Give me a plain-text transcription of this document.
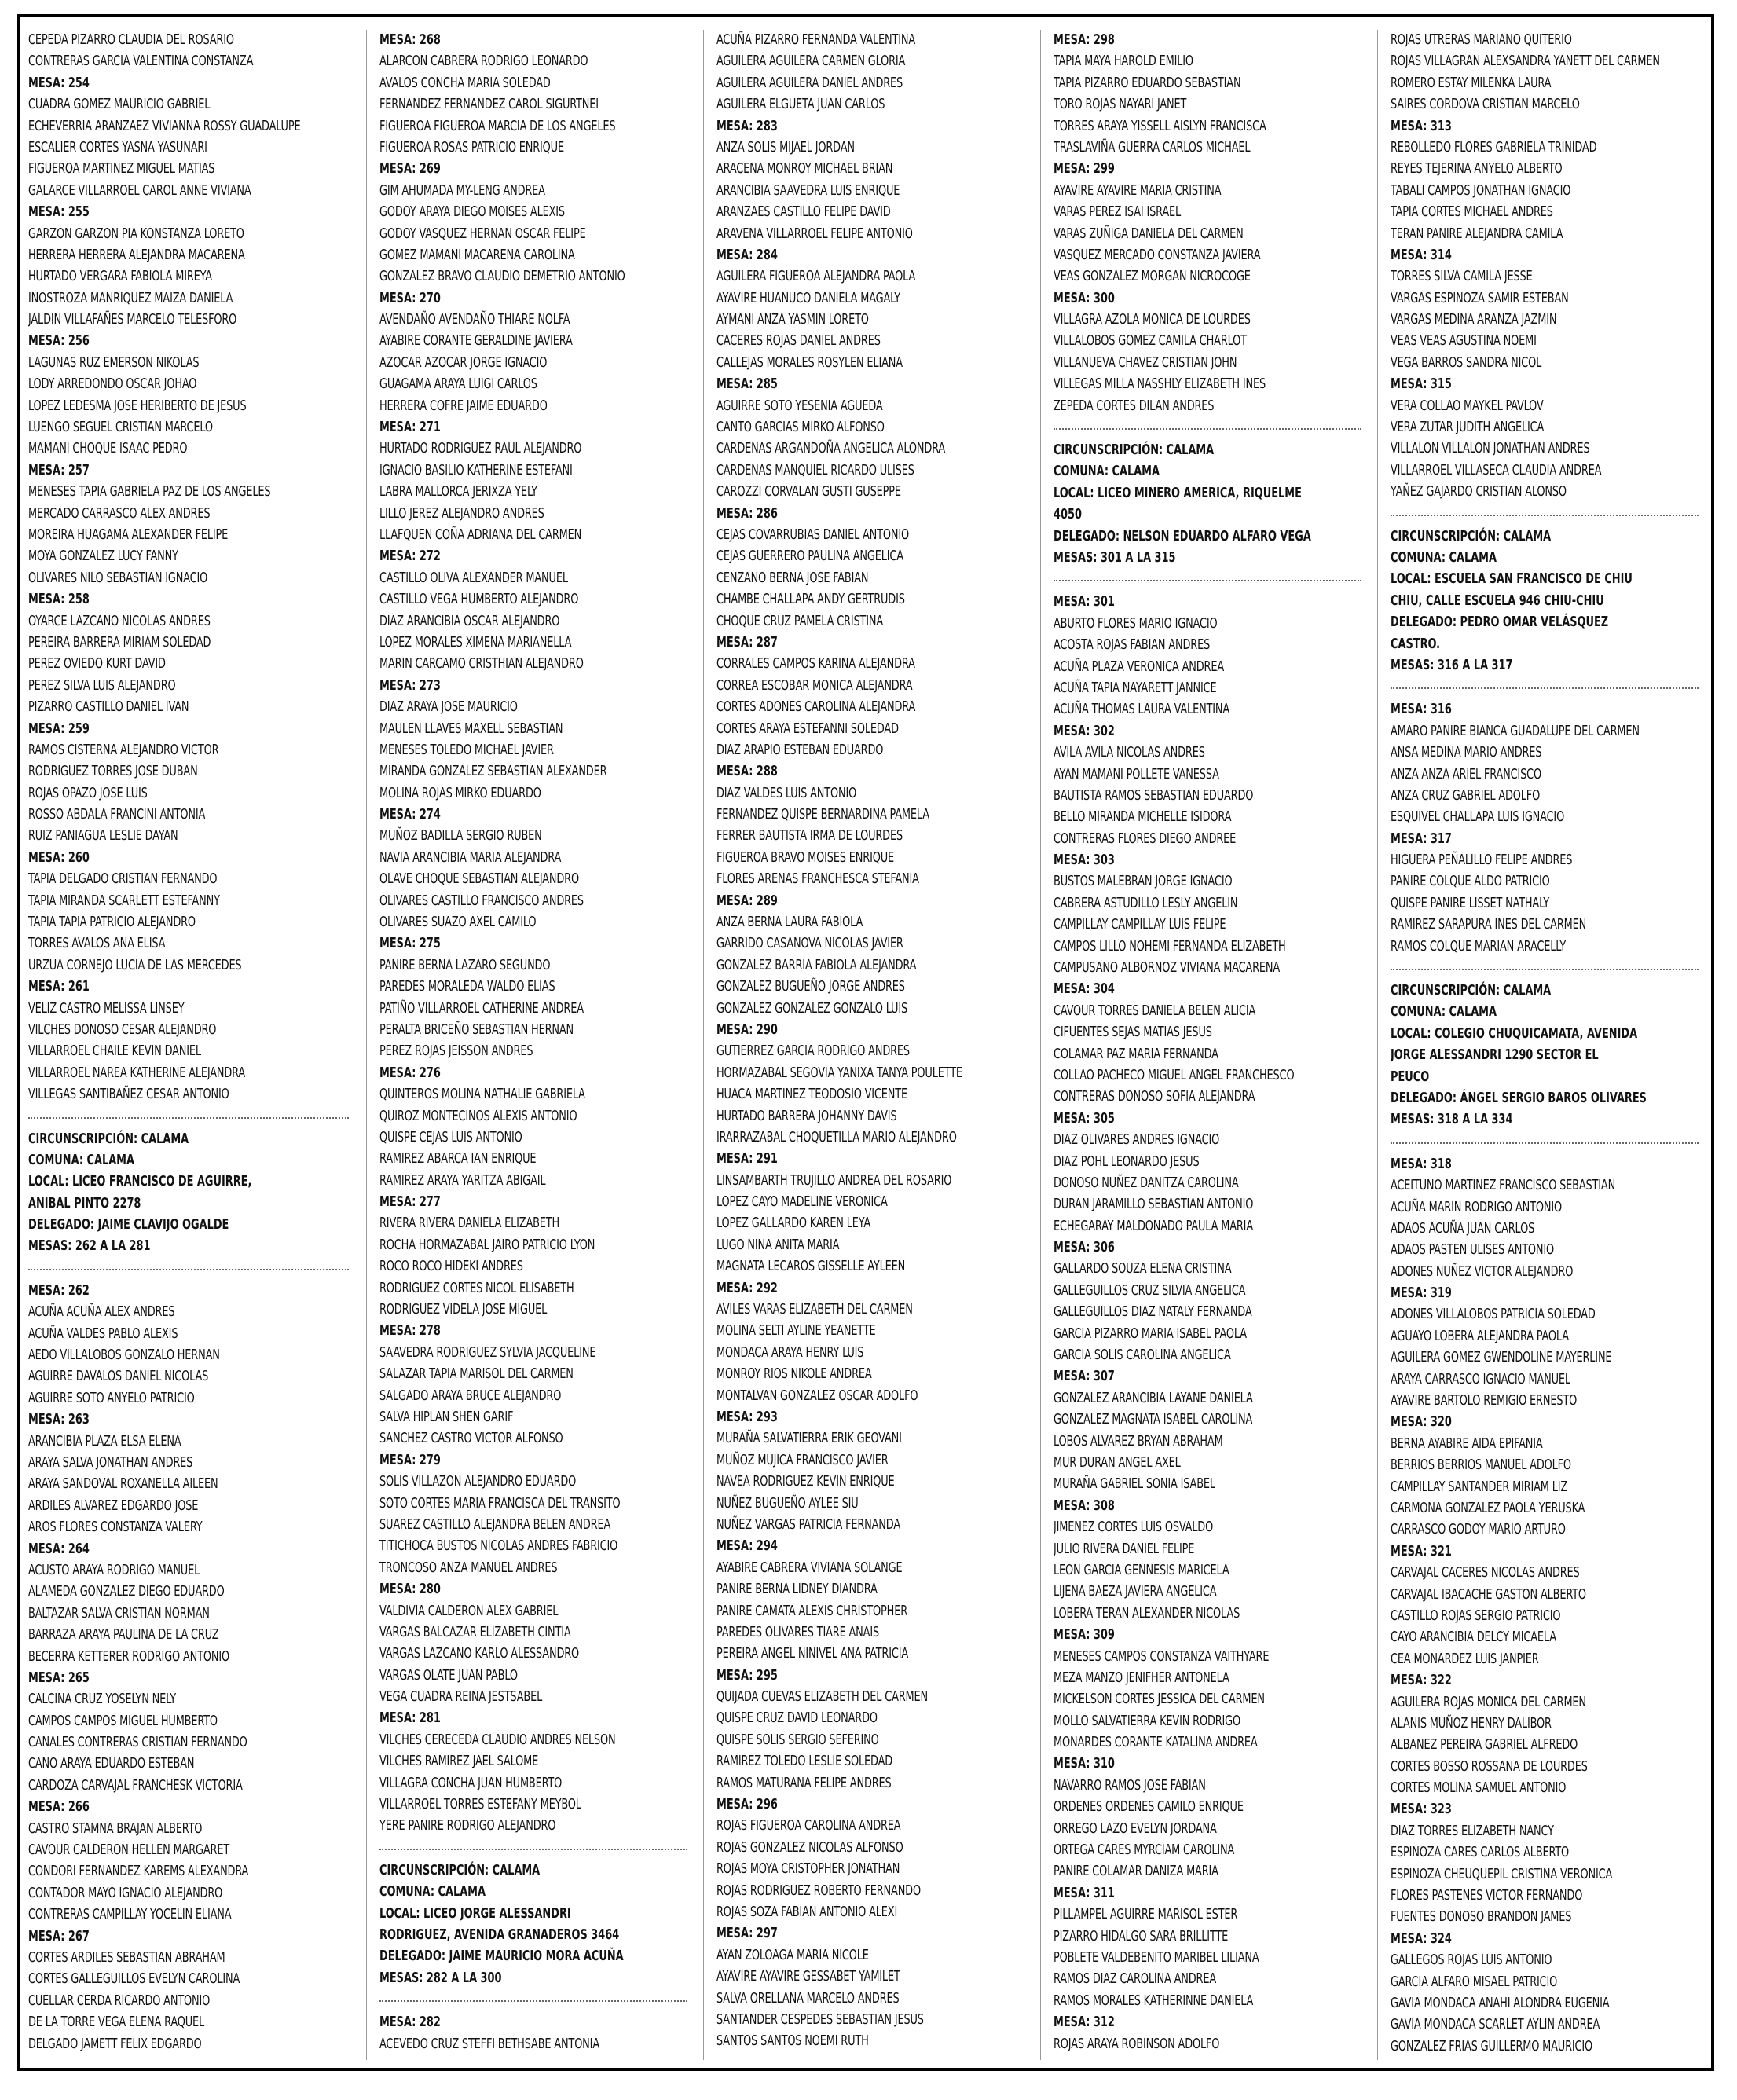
CEPEDA PIZARRO CLAUDIA DEL ROSARIO
CONTRERAS GARCIA VALENTINA CONSTANZA
MESA: 254
CUADRA GOMEZ MAURICIO GABRIEL
ECHEVERRIA ARANZAEZ VIVIANNA ROSSY GUADALUPE
ESCALIER CORTES YASNA YASUNARI
FIGUEROA MARTINEZ MIGUEL MATIAS
GALARCE VILLARROEL CAROL ANNE VIVIANA
MESA: 255
GARZON GARZON PIA KONSTANZA LORETO
HERRERA HERRERA ALEJANDRA MACARENA
HURTADO VERGARA FABIOLA MIREYA
INOSTROZA MANRIQUEZ MAIZA DANIELA
JALDIN VILLAFAÑES MARCELO TELESFORO
MESA: 256
LAGUNAS RUZ EMERSON NIKOLAS
LODY ARREDONDO OSCAR JOHAO
LOPEZ LEDESMA JOSE HERIBERTO DE JESUS
LUENGO SEGUEL CRISTIAN MARCELO
MAMANI CHOQUE ISAAC PEDRO
MESA: 257
MENESES TAPIA GABRIELA PAZ DE LOS ANGELES
MERCADO CARRASCO ALEX ANDRES
MOREIRA HUAGAMA ALEXANDER FELIPE
MOYA GONZALEZ LUCY FANNY
OLIVARES NILO SEBASTIAN IGNACIO
MESA: 258
OYARCE LAZCANO NICOLAS ANDRES
PEREIRA BARRERA MIRIAM SOLEDAD
PEREZ OVIEDO KURT DAVID
PEREZ SILVA LUIS ALEJANDRO
PIZARRO CASTILLO DANIEL IVAN
MESA: 259
RAMOS CISTERNA ALEJANDRO VICTOR
RODRIGUEZ TORRES JOSE DUBAN
ROJAS OPAZO JOSE LUIS
ROSSO ABDALA FRANCINI ANTONIA
RUIZ PANIAGUA LESLIE DAYAN
MESA: 260
TAPIA DELGADO CRISTIAN FERNANDO
TAPIA MIRANDA SCARLETT ESTEFANNY
TAPIA TAPIA PATRICIO ALEJANDRO
TORRES AVALOS ANA ELISA
URZUA CORNEJO LUCIA DE LAS MERCEDES
MESA: 261
VELIZ CASTRO MELISSA LINSEY
VILCHES DONOSO CESAR ALEJANDRO
VILLARROEL CHAILE KEVIN DANIEL
VILLARROEL NAREA KATHERINE ALEJANDRA
VILLEGAS SANTIBAÑEZ CESAR ANTONIO
CIRCUNSCRIPCIÓN: CALAMA
COMUNA: CALAMA
LOCAL: LICEO FRANCISCO DE AGUIRRE,
ANIBAL PINTO 2278
DELEGADO: JAIME CLAVIJO OGALDE
MESAS: 262 A LA 281
MESA: 262
ACUÑA ACUÑA ALEX ANDRES
ACUÑA VALDES PABLO ALEXIS
AEDO VILLALOBOS GONZALO HERNAN
AGUIRRE DAVALOS DANIEL NICOLAS
AGUIRRE SOTO ANYELO PATRICIO
MESA: 263
ARANCIBIA PLAZA ELSA ELENA
ARAYA SALVA JONATHAN ANDRES
ARAYA SANDOVAL ROXANELLA AILEEN
ARDILES ALVAREZ EDGARDO JOSE
AROS FLORES CONSTANZA VALERY
MESA: 264
ACUSTO ARAYA RODRIGO MANUEL
ALAMEDA GONZALEZ DIEGO EDUARDO
BALTAZAR SALVA CRISTIAN NORMAN
BARRAZA ARAYA PAULINA DE LA CRUZ
BECERRA KETTERER RODRIGO ANTONIO
MESA: 265
CALCINA CRUZ YOSELYN NELY
CAMPOS CAMPOS MIGUEL HUMBERTO
CANALES CONTRERAS CRISTIAN FERNANDO
CANO ARAYA EDUARDO ESTEBAN
CARDOZA CARVAJAL FRANCHESK VICTORIA
MESA: 266
CASTRO STAMNA BRAJAN ALBERTO
CAVOUR CALDERON HELLEN MARGARET
CONDORI FERNANDEZ KAREMS ALEXANDRA
CONTADOR MAYO IGNACIO ALEJANDRO
CONTRERAS CAMPILLAY YOCELIN ELIANA
MESA: 267
CORTES ARDILES SEBASTIAN ABRAHAM
CORTES GALLEGUILLOS EVELYN CAROLINA
CUELLAR CERDA RICARDO ANTONIO
DE LA TORRE VEGA ELENA RAQUEL
DELGADO JAMETT FELIX EDGARDO
MESA: 268
ALARCON CABRERA RODRIGO LEONARDO
AVALOS CONCHA MARIA SOLEDAD
FERNANDEZ FERNANDEZ CAROL SIGURTNEI
FIGUEROA FIGUEROA MARCIA DE LOS ANGELES
FIGUEROA ROSAS PATRICIO ENRIQUE
MESA: 269
GIM AHUMADA MY-LENG ANDREA
GODOY ARAYA DIEGO MOISES ALEXIS
GODOY VASQUEZ HERNAN OSCAR FELIPE
GOMEZ MAMANI MACARENA CAROLINA
GONZALEZ BRAVO CLAUDIO DEMETRIO ANTONIO
MESA: 270
AVENDAÑO AVENDAÑO THIARE NOLFA
AYABIRE CORANTE GERALDINE JAVIERA
AZOCAR AZOCAR JORGE IGNACIO
GUAGAMA ARAYA LUIGI CARLOS
HERRERA COFRE JAIME EDUARDO
MESA: 271
HURTADO RODRIGUEZ RAUL ALEJANDRO
IGNACIO BASILIO KATHERINE ESTEFANI
LABRA MALLORCA JERIXZA YELY
LILLO JEREZ ALEJANDRO ANDRES
LLAFQUEN COÑA ADRIANA DEL CARMEN
MESA: 272
CASTILLO OLIVA ALEXANDER MANUEL
CASTILLO VEGA HUMBERTO ALEJANDRO
DIAZ ARANCIBIA OSCAR ALEJANDRO
LOPEZ MORALES XIMENA MARIANELLA
MARIN CARCAMO CRISTHIAN ALEJANDRO
MESA: 273
DIAZ ARAYA JOSE MAURICIO
MAULEN LLAVES MAXELL SEBASTIAN
MENESES TOLEDO MICHAEL JAVIER
MIRANDA GONZALEZ SEBASTIAN ALEXANDER
MOLINA ROJAS MIRKO EDUARDO
MESA: 274
MUÑOZ BADILLA SERGIO RUBEN
NAVIA ARANCIBIA MARIA ALEJANDRA
OLAVE CHOQUE SEBASTIAN ALEJANDRO
OLIVARES CASTILLO FRANCISCO ANDRES
OLIVARES SUAZO AXEL CAMILO
MESA: 275
PANIRE BERNA LAZARO SEGUNDO
PAREDES MORALEDA WALDO ELIAS
PATIÑO VILLARROEL CATHERINE ANDREA
PERALTA BRICEÑO SEBASTIAN HERNAN
PEREZ ROJAS JEISSON ANDRES
MESA: 276
QUINTEROS MOLINA NATHALIE GABRIELA
QUIROZ MONTECINOS ALEXIS ANTONIO
QUISPE CEJAS LUIS ANTONIO
RAMIREZ ABARCA IAN ENRIQUE
RAMIREZ ARAYA YARITZA ABIGAIL
MESA: 277
RIVERA RIVERA DANIELA ELIZABETH
ROCHA HORMAZABAL JAIRO PATRICIO LYON
ROCO ROCO HIDEKI ANDRES
RODRIGUEZ CORTES NICOL ELISABETH
RODRIGUEZ VIDELA JOSE MIGUEL
MESA: 278
SAAVEDRA RODRIGUEZ SYLVIA JACQUELINE
SALAZAR TAPIA MARISOL DEL CARMEN
SALGADO ARAYA BRUCE ALEJANDRO
SALVA HIPLAN SHEN GARIF
SANCHEZ CASTRO VICTOR ALFONSO
MESA: 279
SOLIS VILLAZON ALEJANDRO EDUARDO
SOTO CORTES MARIA FRANCISCA DEL TRANSITO
SUAREZ CASTILLO ALEJANDRA BELEN ANDREA
TITICHOCA BUSTOS NICOLAS ANDRES FABRICIO
TRONCOSO ANZA MANUEL ANDRES
MESA: 280
VALDIVIA CALDERON ALEX GABRIEL
VARGAS BALCAZAR ELIZABETH CINTIA
VARGAS LAZCANO KARLO ALESSANDRO
VARGAS OLATE JUAN PABLO
VEGA CUADRA REINA JESTSABEL
MESA: 281
VILCHES CERECEDA CLAUDIO ANDRES NELSON
VILCHES RAMIREZ JAEL SALOME
VILLAGRA CONCHA JUAN HUMBERTO
VILLARROEL TORRES ESTEFANY MEYBOL
YERE PANIRE RODRIGO ALEJANDRO
CIRCUNSCRIPCIÓN: CALAMA
COMUNA: CALAMA
LOCAL: LICEO JORGE ALESSANDRI
RODRIGUEZ, AVENIDA GRANADEROS 3464
DELEGADO: JAIME MAURICIO MORA ACUÑA
MESAS: 282 A LA 300
MESA: 282
ACEVEDO CRUZ STEFFI BETHSABE ANTONIA
ACUÑA PIZARRO FERNANDA VALENTINA
AGUILERA AGUILERA CARMEN GLORIA
AGUILERA AGUILERA DANIEL ANDRES
AGUILERA ELGUETA JUAN CARLOS
MESA: 283
ANZA SOLIS MIJAEL JORDAN
ARACENA MONROY MICHAEL BRIAN
ARANCIBIA SAAVEDRA LUIS ENRIQUE
ARANZAES CASTILLO FELIPE DAVID
ARAVENA VILLARROEL FELIPE ANTONIO
MESA: 284
AGUILERA FIGUEROA ALEJANDRA PAOLA
AYAVIRE HUANUCO DANIELA MAGALY
AYMANI ANZA YASMIN LORETO
CACERES ROJAS DANIEL ANDRES
CALLEJAS MORALES ROSYLEN ELIANA
MESA: 285
AGUIRRE SOTO YESENIA AGUEDA
CANTO GARCIAS MIRKO ALFONSO
CARDENAS ARGANDOÑA ANGELICA ALONDRA
CARDENAS MANQUIEL RICARDO ULISES
CAROZZI CORVALAN GUSTI GUSEPPE
MESA: 286
CEJAS COVARRUBIAS DANIEL ANTONIO
CEJAS GUERRERO PAULINA ANGELICA
CENZANO BERNA JOSE FABIAN
CHAMBE CHALLAPA ANDY GERTRUDIS
CHOQUE CRUZ PAMELA CRISTINA
MESA: 287
CORRALES CAMPOS KARINA ALEJANDRA
CORREA ESCOBAR MONICA ALEJANDRA
CORTES ADONES CAROLINA ALEJANDRA
CORTES ARAYA ESTEFANNI SOLEDAD
DIAZ ARAPIO ESTEBAN EDUARDO
MESA: 288
DIAZ VALDES LUIS ANTONIO
FERNANDEZ QUISPE BERNARDINA PAMELA
FERRER BAUTISTA IRMA DE LOURDES
FIGUEROA BRAVO MOISES ENRIQUE
FLORES ARENAS FRANCHESCA STEFANIA
MESA: 289
ANZA BERNA LAURA FABIOLA
GARRIDO CASANOVA NICOLAS JAVIER
GONZALEZ BARRIA FABIOLA ALEJANDRA
GONZALEZ BUGUEÑO JORGE ANDRES
GONZALEZ GONZALEZ GONZALO LUIS
MESA: 290
GUTIERREZ GARCIA RODRIGO ANDRES
HORMAZABAL SEGOVIA YANIXA TANYA POULETTE
HUACA MARTINEZ TEODOSIO VICENTE
HURTADO BARRERA JOHANNY DAVIS
IRARRAZABAL CHOQUETILLA MARIO ALEJANDRO
MESA: 291
LINSAMBARTH TRUJILLO ANDREA DEL ROSARIO
LOPEZ CAYO MADELINE VERONICA
LOPEZ GALLARDO KAREN LEYA
LUGO NINA ANITA MARIA
MAGNATA LECAROS GISSELLE AYLEEN
MESA: 292
AVILES VARAS ELIZABETH DEL CARMEN
MOLINA SELTI AYLINE YEANETTE
MONDACA ARAYA HENRY LUIS
MONROY RIOS NIKOLE ANDREA
MONTALVAN GONZALEZ OSCAR ADOLFO
MESA: 293
MURAÑA SALVATIERRA ERIK GEOVANI
MUÑOZ MUJICA FRANCISCO JAVIER
NAVEA RODRIGUEZ KEVIN ENRIQUE
NUÑEZ BUGUEÑO AYLEE SIU
NUÑEZ VARGAS PATRICIA FERNANDA
MESA: 294
AYABIRE CABRERA VIVIANA SOLANGE
PANIRE BERNA LIDNEY DIANDRA
PANIRE CAMATA ALEXIS CHRISTOPHER
PAREDES OLIVARES TIARE ANAIS
PEREIRA ANGEL NINIVEL ANA PATRICIA
MESA: 295
QUIJADA CUEVAS ELIZABETH DEL CARMEN
QUISPE CRUZ DAVID LEONARDO
QUISPE SOLIS SERGIO SEFERINO
RAMIREZ TOLEDO LESLIE SOLEDAD
RAMOS MATURANA FELIPE ANDRES
MESA: 296
ROJAS FIGUEROA CAROLINA ANDREA
ROJAS GONZALEZ NICOLAS ALFONSO
ROJAS MOYA CRISTOPHER JONATHAN
ROJAS RODRIGUEZ ROBERTO FERNANDO
ROJAS SOZA FABIAN ANTONIO ALEXI
MESA: 297
AYAN ZOLOAGA MARIA NICOLE
AYAVIRE AYAVIRE GESSABET YAMILET
SALVA ORELLANA MARCELO ANDRES
SANTANDER CESPEDES SEBASTIAN JESUS
SANTOS SANTOS NOEMI RUTH
MESA: 298
TAPIA MAYA HAROLD EMILIO
TAPIA PIZARRO EDUARDO SEBASTIAN
TORO ROJAS NAYARI JANET
TORRES ARAYA YISSELL AISLYN FRANCISCA
TRASLAVIÑA GUERRA CARLOS MICHAEL
MESA: 299
AYAVIRE AYAVIRE MARIA CRISTINA
VARAS PEREZ ISAI ISRAEL
VARAS ZUÑIGA DANIELA DEL CARMEN
VASQUEZ MERCADO CONSTANZA JAVIERA
VEAS GONZALEZ MORGAN NICROCOGE
MESA: 300
VILLAGRA AZOLA MONICA DE LOURDES
VILLALOBOS GOMEZ CAMILA CHARLOT
VILLANUEVA CHAVEZ CRISTIAN JOHN
VILLEGAS MILLA NASSHLY ELIZABETH INES
ZEPEDA CORTES DILAN ANDRES
CIRCUNSCRIPCIÓN: CALAMA
COMUNA: CALAMA
LOCAL: LICEO MINERO AMERICA, RIQUELME
4050
DELEGADO: NELSON EDUARDO ALFARO VEGA
MESAS: 301 A LA 315
MESA: 301
ABURTO FLORES MARIO IGNACIO
ACOSTA ROJAS FABIAN ANDRES
ACUÑA PLAZA VERONICA ANDREA
ACUÑA TAPIA NAYARETT JANNICE
ACUÑA THOMAS LAURA VALENTINA
MESA: 302
AVILA AVILA NICOLAS ANDRES
AYAN MAMANI POLLETE VANESSA
BAUTISTA RAMOS SEBASTIAN EDUARDO
BELLO MIRANDA MICHELLE ISIDORA
CONTRERAS FLORES DIEGO ANDREE
MESA: 303
BUSTOS MALEBRAN JORGE IGNACIO
CABRERA ASTUDILLO LESLY ANGELIN
CAMPILLAY CAMPILLAY LUIS FELIPE
CAMPOS LILLO NOHEMI FERNANDA ELIZABETH
CAMPUSANO ALBORNOZ VIVIANA MACARENA
MESA: 304
CAVOUR TORRES DANIELA BELEN ALICIA
CIFUENTES SEJAS MATIAS JESUS
COLAMAR PAZ MARIA FERNANDA
COLLAO PACHECO MIGUEL ANGEL FRANCHESCO
CONTRERAS DONOSO SOFIA ALEJANDRA
MESA: 305
DIAZ OLIVARES ANDRES IGNACIO
DIAZ POHL LEONARDO JESUS
DONOSO NUÑEZ DANITZA CAROLINA
DURAN JARAMILLO SEBASTIAN ANTONIO
ECHEGARAY MALDONADO PAULA MARIA
MESA: 306
GALLARDO SOUZA ELENA CRISTINA
GALLEGUILLOS CRUZ SILVIA ANGELICA
GALLEGUILLOS DIAZ NATALY FERNANDA
GARCIA PIZARRO MARIA ISABEL PAOLA
GARCIA SOLIS CAROLINA ANGELICA
MESA: 307
GONZALEZ ARANCIBIA LAYANE DANIELA
GONZALEZ MAGNATA ISABEL CAROLINA
LOBOS ALVAREZ BRYAN ABRAHAM
MUR DURAN ANGEL AXEL
MURAÑA GABRIEL SONIA ISABEL
MESA: 308
JIMENEZ CORTES LUIS OSVALDO
JULIO RIVERA DANIEL FELIPE
LEON GARCIA GENNESIS MARICELA
LIJENA BAEZA JAVIERA ANGELICA
LOBERA TERAN ALEXANDER NICOLAS
MESA: 309
MENESES CAMPOS CONSTANZA VAITHYARE
MEZA MANZO JENIFHER ANTONELA
MICKELSON CORTES JESSICA DEL CARMEN
MOLLO SALVATIERRA KEVIN RODRIGO
MONARDES CORANTE KATALINA ANDREA
MESA: 310
NAVARRO RAMOS JOSE FABIAN
ORDENES ORDENES CAMILO ENRIQUE
ORREGO LAZO EVELYN JORDANA
ORTEGA CARES MYRCIAM CAROLINA
PANIRE COLAMAR DANIZA MARIA
MESA: 311
PILLAMPEL AGUIRRE MARISOL ESTER
PIZARRO HIDALGO SARA BRILLITTE
POBLETE VALDEBENITO MARIBEL LILIANA
RAMOS DIAZ CAROLINA ANDREA
RAMOS MORALES KATHERINNE DANIELA
MESA: 312
ROJAS ARAYA ROBINSON ADOLFO
ROJAS UTRERAS MARIANO QUITERIO
ROJAS VILLAGRAN ALEXSANDRA YANETT DEL CARMEN
ROMERO ESTAY MILENKA LAURA
SAIRES CORDOVA CRISTIAN MARCELO
MESA: 313
REBOLLEDO FLORES GABRIELA TRINIDAD
REYES TEJERINA ANYELO ALBERTO
TABALI CAMPOS JONATHAN IGNACIO
TAPIA CORTES MICHAEL ANDRES
TERAN PANIRE ALEJANDRA CAMILA
MESA: 314
TORRES SILVA CAMILA JESSE
VARGAS ESPINOZA SAMIR ESTEBAN
VARGAS MEDINA ARANZA JAZMIN
VEAS VEAS AGUSTINA NOEMI
VEGA BARROS SANDRA NICOL
MESA: 315
VERA COLLAO MAYKEL PAVLOV
VERA ZUTAR JUDITH ANGELICA
VILLALON VILLALON JONATHAN ANDRES
VILLARROEL VILLASECA CLAUDIA ANDREA
YAÑEZ GAJARDO CRISTIAN ALONSO
CIRCUNSCRIPCIÓN: CALAMA
COMUNA: CALAMA
LOCAL: ESCUELA SAN FRANCISCO DE CHIU
CHIU, CALLE ESCUELA 946 CHIU-CHIU
DELEGADO: PEDRO OMAR VELÁSQUEZ
CASTRO.
MESAS: 316 A LA 317
MESA: 316
AMARO PANIRE BIANCA GUADALUPE DEL CARMEN
ANSA MEDINA MARIO ANDRES
ANZA ANZA ARIEL FRANCISCO
ANZA CRUZ GABRIEL ADOLFO
ESQUIVEL CHALLAPA LUIS IGNACIO
MESA: 317
HIGUERA PEÑALILLO FELIPE ANDRES
PANIRE COLQUE ALDO PATRICIO
QUISPE PANIRE LISSET NATHALY
RAMIREZ SARAPURA INES DEL CARMEN
RAMOS COLQUE MARIAN ARACELLY
CIRCUNSCRIPCIÓN: CALAMA
COMUNA: CALAMA
LOCAL: COLEGIO CHUQUICAMATA, AVENIDA
JORGE ALESSANDRI 1290 SECTOR EL
PEUCO
DELEGADO: ÁNGEL SERGIO BAROS OLIVARES
MESAS: 318 A LA 334
MESA: 318
ACEITUNO MARTINEZ FRANCISCO SEBASTIAN
ACUÑA MARIN RODRIGO ANTONIO
ADAOS ACUÑA JUAN CARLOS
ADAOS PASTEN ULISES ANTONIO
ADONES NUÑEZ VICTOR ALEJANDRO
MESA: 319
ADONES VILLALOBOS PATRICIA SOLEDAD
AGUAYO LOBERA ALEJANDRA PAOLA
AGUILERA GOMEZ GWENDOLINE MAYERLINE
ARAYA CARRASCO IGNACIO MANUEL
AYAVIRE BARTOLO REMIGIO ERNESTO
MESA: 320
BERNA AYABIRE AIDA EPIFANIA
BERRIOS BERRIOS MANUEL ADOLFO
CAMPILLAY SANTANDER MIRIAM LIZ
CARMONA GONZALEZ PAOLA YERUSKA
CARRASCO GODOY MARIO ARTURO
MESA: 321
CARVAJAL CACERES NICOLAS ANDRES
CARVAJAL IBACACHE GASTON ALBERTO
CASTILLO ROJAS SERGIO PATRICIO
CAYO ARANCIBIA DELCY MICAELA
CEA MONARDEZ LUIS JANPIER
MESA: 322
AGUILERA ROJAS MONICA DEL CARMEN
ALANIS MUÑOZ HENRY DALIBOR
ALBANEZ PEREIRA GABRIEL ALFREDO
CORTES BOSSO ROSSANA DE LOURDES
CORTES MOLINA SAMUEL ANTONIO
MESA: 323
DIAZ TORRES ELIZABETH NANCY
ESPINOZA CARES CARLOS ALBERTO
ESPINOZA CHEUQUEPIL CRISTINA VERONICA
FLORES PASTENES VICTOR FERNANDO
FUENTES DONOSO BRANDON JAMES
MESA: 324
GALLEGOS ROJAS LUIS ANTONIO
GARCIA ALFARO MISAEL PATRICIO
GAVIA MONDACA ANAHI ALONDRA EUGENIA
GAVIA MONDACA SCARLET AYLIN ANDREA
GONZALEZ FRIAS GUILLERMO MAURICIO
